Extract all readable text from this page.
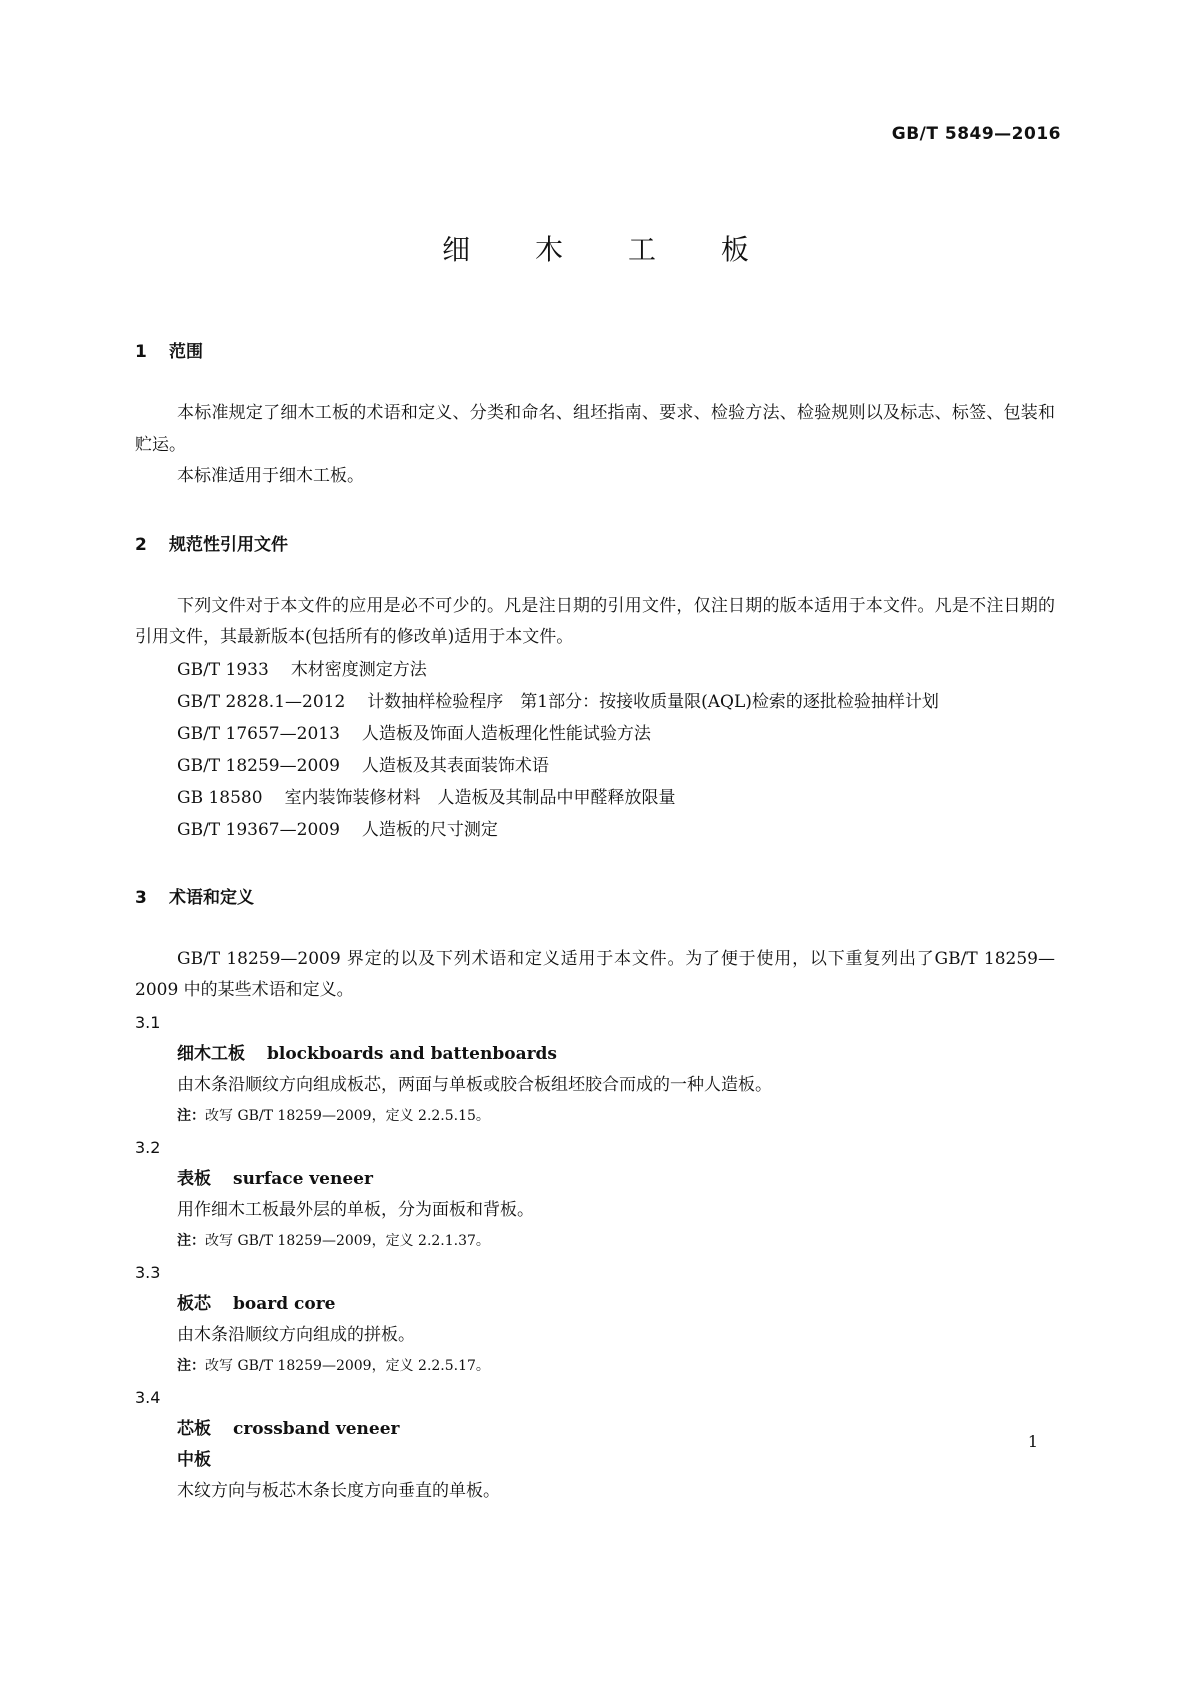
GB/T 5849—2016
细 木 工 板
1 范围

本标准规定了细木工板的术语和定义、分类和命名、组坯指南、要求、检验方法、检验规则以及标志、标签、包装和贮运。

本标准适用于细木工板。

2 规范性引用文件

下列文件对于本文件的应用是必不可少的。凡是注日期的引用文件，仅注日期的版本适用于本文件。凡是不注日期的引用文件，其最新版本(包括所有的修改单)适用于本文件。

GB/T 1933 木材密度测定方法

GB/T 2828.1—2012 计数抽样检验程序　第1部分：按接收质量限(AQL)检索的逐批检验抽样计划

GB/T 17657—2013 人造板及饰面人造板理化性能试验方法

GB/T 18259—2009 人造板及其表面装饰术语

GB 18580 室内装饰装修材料　人造板及其制品中甲醛释放限量

GB/T 19367—2009 人造板的尺寸测定

3 术语和定义

GB/T 18259—2009 界定的以及下列术语和定义适用于本文件。为了便于使用，以下重复列出了GB/T 18259—2009 中的某些术语和定义。

3.1

细木工板 blockboards and battenboards

由木条沿顺纹方向组成板芯，两面与单板或胶合板组坯胶合而成的一种人造板。

注：改写 GB/T 18259—2009，定义 2.2.5.15。

3.2

表板 surface veneer

用作细木工板最外层的单板，分为面板和背板。

注：改写 GB/T 18259—2009，定义 2.2.1.37。

3.3

板芯 board core

由木条沿顺纹方向组成的拼板。

注：改写 GB/T 18259—2009，定义 2.2.5.17。

3.4

芯板 crossband veneer

中板

木纹方向与板芯木条长度方向垂直的单板。

1
